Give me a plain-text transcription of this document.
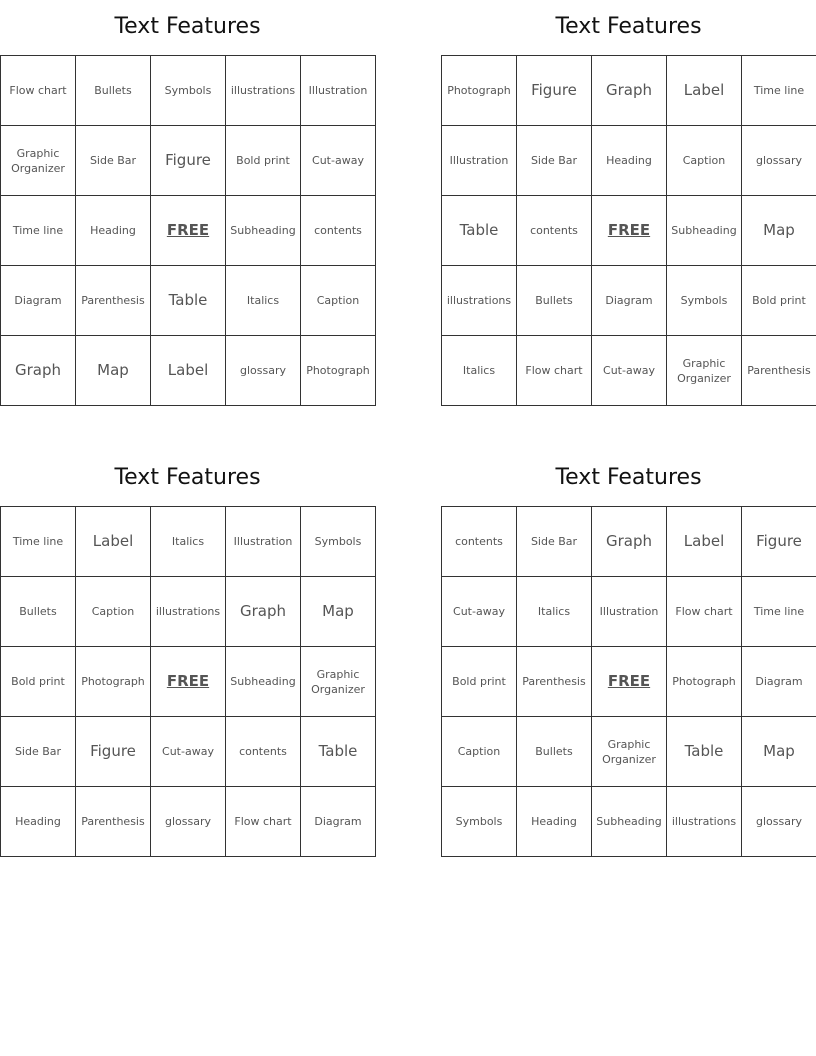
Text Features
Flow chart	Bullets	Symbols	illustrations	Illustration
Graphic Organizer	Side Bar	Figure	Bold print	Cut-away
Time line	Heading	FREE	Subheading	contents
Diagram	Parenthesis	Table	Italics	Caption
Graph	Map	Label	glossary	Photograph
Text Features
Photograph	Figure	Graph	Label	Time line
Illustration	Side Bar	Heading	Caption	glossary
Table	contents	FREE	Subheading	Map
illustrations	Bullets	Diagram	Symbols	Bold print
Italics	Flow chart	Cut-away	Graphic Organizer	Parenthesis
Text Features
Time line	Label	Italics	Illustration	Symbols
Bullets	Caption	illustrations	Graph	Map
Bold print	Photograph	FREE	Subheading	Graphic Organizer
Side Bar	Figure	Cut-away	contents	Table
Heading	Parenthesis	glossary	Flow chart	Diagram
Text Features
contents	Side Bar	Graph	Label	Figure
Cut-away	Italics	Illustration	Flow chart	Time line
Bold print	Parenthesis	FREE	Photograph	Diagram
Caption	Bullets	Graphic Organizer	Table	Map
Symbols	Heading	Subheading	illustrations	glossary
